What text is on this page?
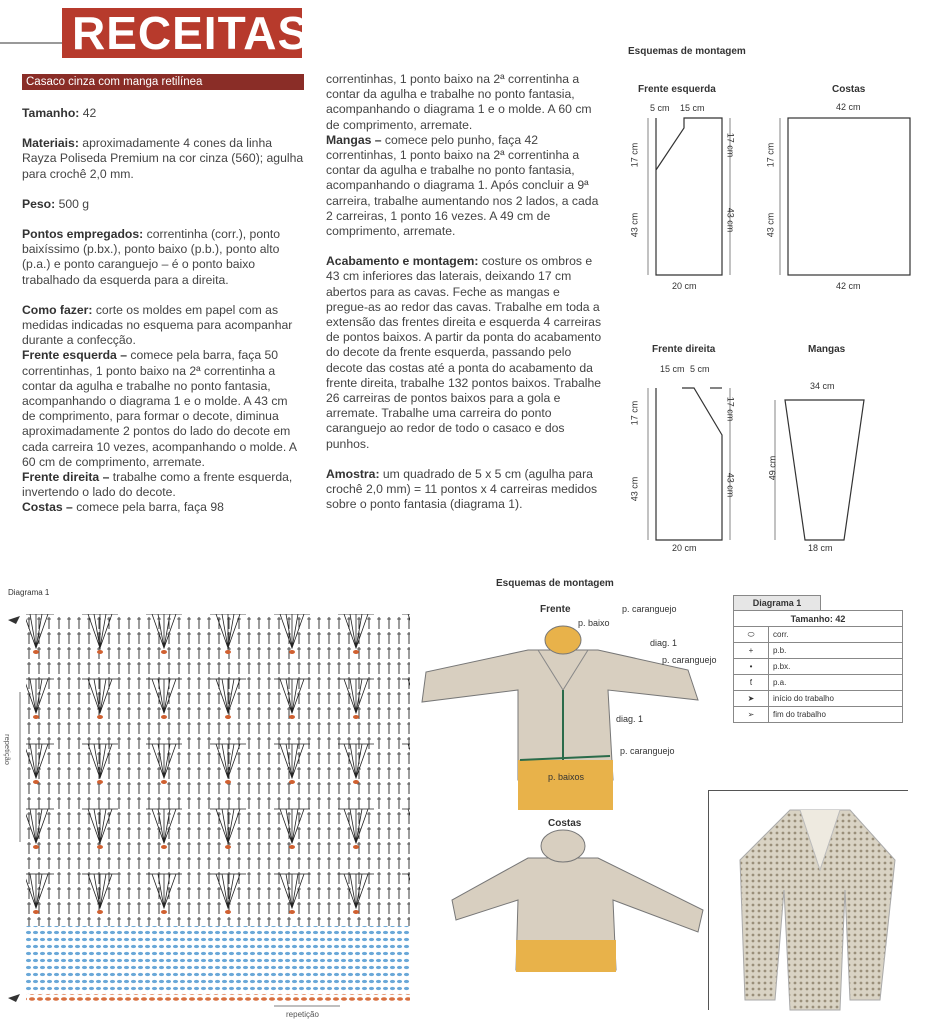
RECEITAS
Casaco cinza com manga retilínea

Tamanho: 42

Materiais: aproximadamente 4 cones da linha Rayza Poliseda Premium na cor cinza (560); agulha para crochê 2,0 mm.

Peso: 500 g

Pontos empregados: correntinha (corr.), ponto baixíssimo (p.bx.), ponto baixo (p.b.), ponto alto (p.a.) e ponto caranguejo – é o ponto baixo trabalhado da esquerda para a direita.

Como fazer: corte os moldes em papel com as medidas indicadas no esquema para acompanhar durante a confecção.

Frente esquerda – comece pela barra, faça 50 correntinhas, 1 ponto baixo na 2ª correntinha a contar da agulha e trabalhe no ponto fantasia, acompanhando o diagrama 1 e o molde. A 43 cm de comprimento, para formar o decote, diminua aproximadamente 2 pontos do lado do decote em cada carreira 10 vezes, acompanhando o molde. A 60 cm de comprimento, arremate.

Frente direita – trabalhe como a frente esquerda, invertendo o lado do decote.

Costas – comece pela barra, faça 98

correntinhas, 1 ponto baixo na 2ª correntinha a contar da agulha e trabalhe no ponto fantasia, acompanhando o diagrama 1 e o molde. A 60 cm de comprimento, arremate.

Mangas – comece pelo punho, faça 42 correntinhas, 1 ponto baixo na 2ª correntinha a contar da agulha e trabalhe no ponto fantasia, acompanhando o diagrama 1. Após concluir a 9ª carreira, trabalhe aumentando nos 2 lados, a cada 2 carreiras, 1 ponto 16 vezes. A 49 cm de comprimento, arremate.

Acabamento e montagem: costure os ombros e 43 cm inferiores das laterais, deixando 17 cm abertos para as cavas. Feche as mangas e pregue-as ao redor das cavas. Trabalhe em toda a extensão das frentes direita e esquerda 4 carreiras de pontos baixos. A partir da ponta do acabamento do decote da frente esquerda, passando pelo decote das costas até a ponta do acabamento da frente direita, trabalhe 132 pontos baixos. Trabalhe 26 carreiras de pontos baixos para a gola e arremate. Trabalhe uma carreira do ponto caranguejo ao redor de todo o casaco e dos punhos.

Amostra: um quadrado de 5 x 5 cm (agulha para crochê 2,0 mm) = 11 pontos x 4 carreiras medidos sobre o ponto fantasia (diagrama 1).

Esquemas de montagem
Frente esquerda
5 cm 15 cm
17 cm
43 cm
17 cm
43 cm
20 cm
Costas
42 cm
17 cm
43 cm
42 cm
Frente direita
15 cm 5 cm
17 cm
43 cm
17 cm
43 cm
20 cm
Mangas
34 cm
49 cm
18 cm
Diagrama 1
repetição
repetição
Esquemas de montagem
Frente	p. caranguejo
p. baixo
diag. 1
p. caranguejo
diag. 1
p. caranguejo
p. baixos
Costas
Diagrama 1
Tamanho: 42	
⬭	corr.
+	p.b.
•	p.bx.
ƭ	p.a.
➤	início do trabalho
➢	fim do trabalho
